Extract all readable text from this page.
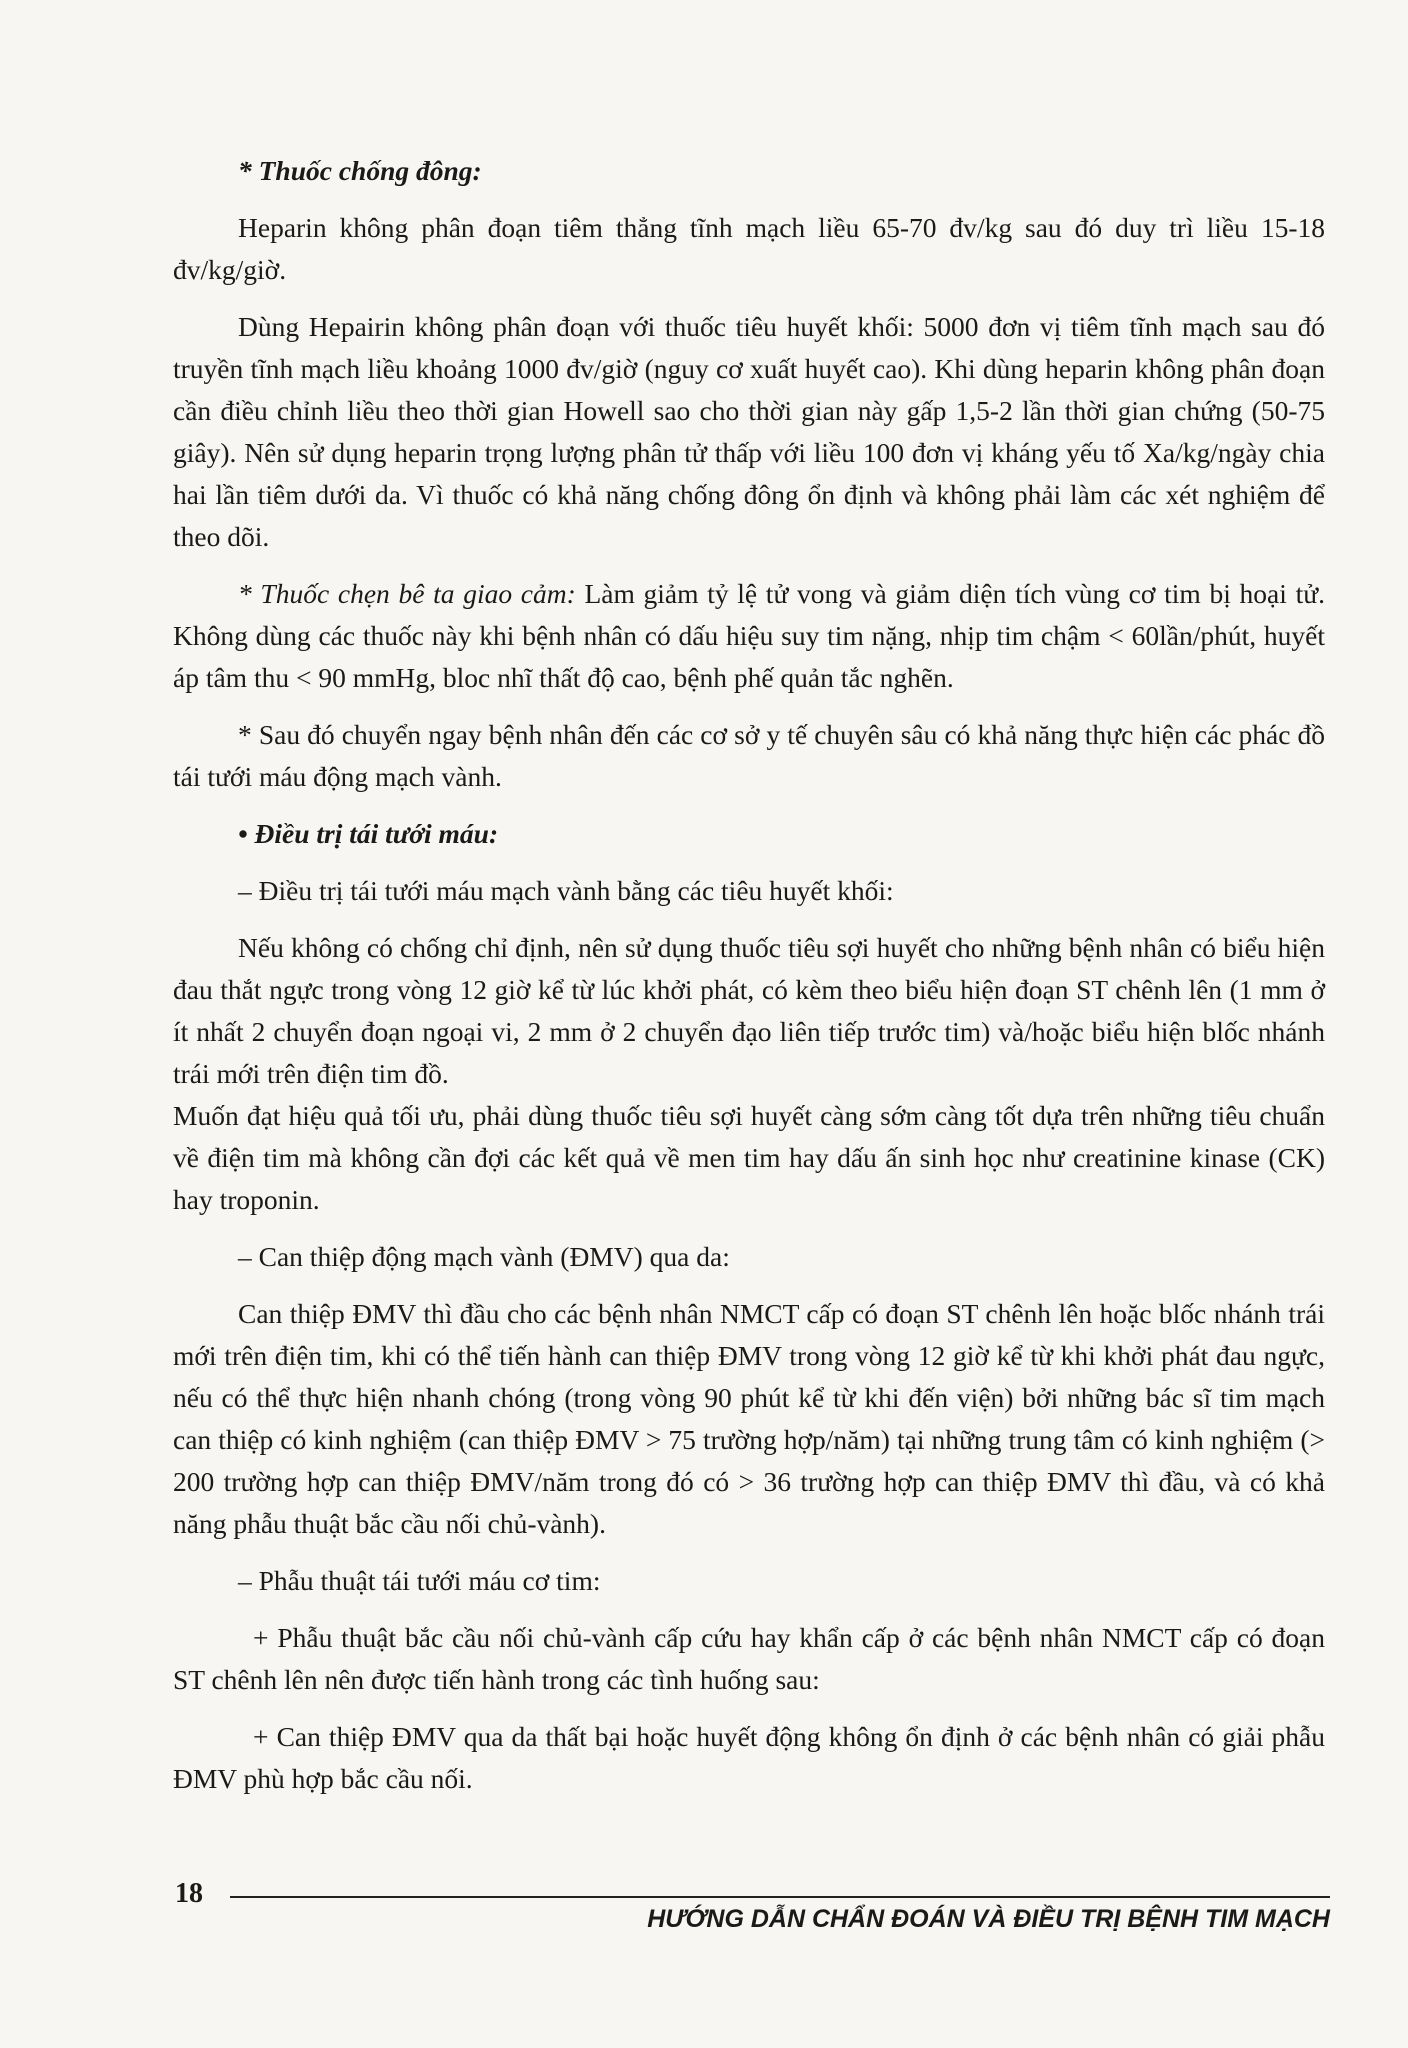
* Thuốc chống đông:

Heparin không phân đoạn tiêm thẳng tĩnh mạch liều 65-70 đv/kg sau đó duy trì liều 15-18 đv/kg/giờ.

Dùng Hepairin không phân đoạn với thuốc tiêu huyết khối: 5000 đơn vị tiêm tĩnh mạch sau đó truyền tĩnh mạch liều khoảng 1000 đv/giờ (nguy cơ xuất huyết cao). Khi dùng heparin không phân đoạn cần điều chỉnh liều theo thời gian Howell sao cho thời gian này gấp 1,5-2 lần thời gian chứng (50-75 giây). Nên sử dụng heparin trọng lượng phân tử thấp với liều 100 đơn vị kháng yếu tố Xa/kg/ngày chia hai lần tiêm dưới da. Vì thuốc có khả năng chống đông ổn định và không phải làm các xét nghiệm để theo dõi.

* Thuốc chẹn bê ta giao cảm: Làm giảm tỷ lệ tử vong và giảm diện tích vùng cơ tim bị hoại tử. Không dùng các thuốc này khi bệnh nhân có dấu hiệu suy tim nặng, nhịp tim chậm < 60lần/phút, huyết áp tâm thu < 90 mmHg, bloc nhĩ thất độ cao, bệnh phế quản tắc nghẽn.

* Sau đó chuyển ngay bệnh nhân đến các cơ sở y tế chuyên sâu có khả năng thực hiện các phác đồ tái tưới máu động mạch vành.

• Điều trị tái tưới máu:

– Điều trị tái tưới máu mạch vành bằng các tiêu huyết khối:

Nếu không có chống chỉ định, nên sử dụng thuốc tiêu sợi huyết cho những bệnh nhân có biểu hiện đau thắt ngực trong vòng 12 giờ kể từ lúc khởi phát, có kèm theo biểu hiện đoạn ST chênh lên (1 mm ở ít nhất 2 chuyển đoạn ngoại vi, 2 mm ở 2 chuyển đạo liên tiếp trước tim) và/hoặc biểu hiện blốc nhánh trái mới trên điện tim đồ.

Muốn đạt hiệu quả tối ưu, phải dùng thuốc tiêu sợi huyết càng sớm càng tốt dựa trên những tiêu chuẩn về điện tim mà không cần đợi các kết quả về men tim hay dấu ấn sinh học như creatinine kinase (CK) hay troponin.

– Can thiệp động mạch vành (ĐMV) qua da:

Can thiệp ĐMV thì đầu cho các bệnh nhân NMCT cấp có đoạn ST chênh lên hoặc blốc nhánh trái mới trên điện tim, khi có thể tiến hành can thiệp ĐMV trong vòng 12 giờ kể từ khi khởi phát đau ngực, nếu có thể thực hiện nhanh chóng (trong vòng 90 phút kể từ khi đến viện) bởi những bác sĩ tim mạch can thiệp có kinh nghiệm (can thiệp ĐMV > 75 trường hợp/năm) tại những trung tâm có kinh nghiệm (> 200 trường hợp can thiệp ĐMV/năm trong đó có > 36 trường hợp can thiệp ĐMV thì đầu, và có khả năng phẫu thuật bắc cầu nối chủ-vành).

– Phẫu thuật tái tưới máu cơ tim:

+ Phẫu thuật bắc cầu nối chủ-vành cấp cứu hay khẩn cấp ở các bệnh nhân NMCT cấp có đoạn ST chênh lên nên được tiến hành trong các tình huống sau:

+ Can thiệp ĐMV qua da thất bại hoặc huyết động không ổn định ở các bệnh nhân có giải phẫu ĐMV phù hợp bắc cầu nối.

18
HƯỚNG DẪN CHẨN ĐOÁN VÀ ĐIỀU TRỊ BỆNH TIM MẠCH
